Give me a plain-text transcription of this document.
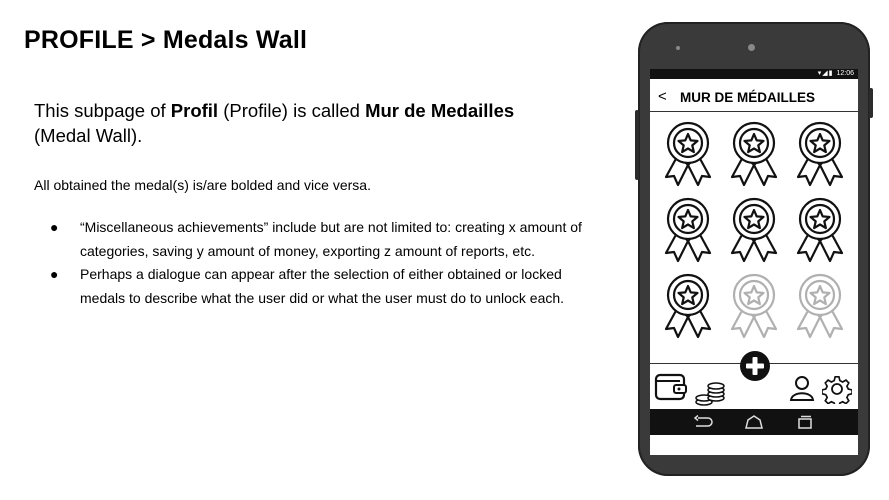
PROFILE > Medals Wall
This subpage of Profil (Profile) is called Mur de Medailles (Medal Wall).
All obtained the medal(s) is/are bolded and vice versa.
● “Miscellaneous achievements” include but are not limited to: creating x amount of categories, saving y amount of money, exporting z amount of reports, etc.
● Perhaps a dialogue can appear after the selection of either obtained or locked medals to describe what the user did or what the user must do to unlock each.
▾◢▮ 12:06
< MUR DE MÉDAILLES
